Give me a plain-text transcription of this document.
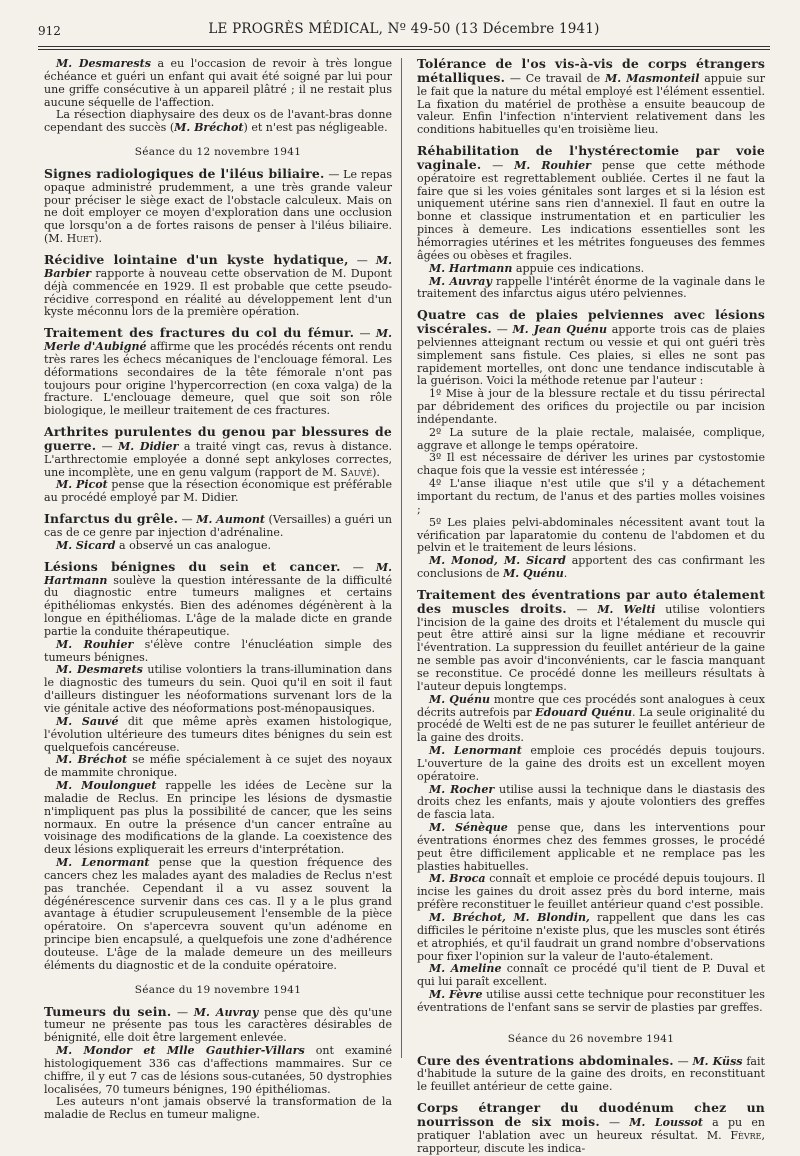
912	LE PROGRÈS MÉDICAL, Nº 49-50 (13 Décembre 1941)

M. Desmarests a eu l'occasion de revoir à très longue échéance et guéri un enfant qui avait été soigné par lui pour une griffe consécutive à un appareil plâtré ; il ne restait plus aucune séquelle de l'affection.

La résection diaphysaire des deux os de l'avant-bras donne cependant des succès (M. Bréchot) et n'est pas négligeable.

Séance du 12 novembre 1941

Signes radiologiques de l'iléus biliaire. — Le repas opaque administré prudemment, a une très grande valeur pour préciser le siège exact de l'obstacle calculeux. Mais on ne doit employer ce moyen d'exploration dans une occlusion que lorsqu'on a de fortes raisons de penser à l'iléus biliaire. (M. Huet).

Récidive lointaine d'un kyste hydatique, — M. Barbier rapporte à nouveau cette observation de M. Dupont déjà commencée en 1929. Il est probable que cette pseudo-récidive correspond en réalité au développement lent d'un kyste méconnu lors de la première opération.

Traitement des fractures du col du fémur. — M. Merle d'Aubigné affirme que les procédés récents ont rendu très rares les échecs mécaniques de l'enclouage fémoral. Les déformations secondaires de la tête fémorale n'ont pas toujours pour origine l'hypercorrection (en coxa valga) de la fracture. L'enclouage demeure, quel que soit son rôle biologique, le meilleur traitement de ces fractures.

Arthrites purulentes du genou par blessures de guerre. — M. Didier a traité vingt cas, revus à distance. L'arthrectomie employée a donné sept ankyloses correctes, une incomplète, une en genu valgum (rapport de M. Sauvé).

M. Picot pense que la résection économique est préférable au procédé employé par M. Didier.

Infarctus du grêle. — M. Aumont (Versailles) a guéri un cas de ce genre par injection d'adrénaline.

M. Sicard a observé un cas analogue.

Lésions bénignes du sein et cancer. — M. Hartmann soulève la question intéressante de la difficulté du diagnostic entre tumeurs malignes et certains épithéliomas enkystés. Bien des adénomes dégénèrent à la longue en épithéliomas. L'âge de la malade dicte en grande partie la conduite thérapeutique.

M. Rouhier s'élève contre l'énucléation simple des tumeurs bénignes.

M. Desmarets utilise volontiers la trans-illumination dans le diagnostic des tumeurs du sein. Quoi qu'il en soit il faut d'ailleurs distinguer les néoformations survenant lors de la vie génitale active des néoformations post-ménopausiques.

M. Sauvé dit que même après examen histologique, l'évolution ultérieure des tumeurs dites bénignes du sein est quelquefois cancéreuse.

M. Bréchot se méfie spécialement à ce sujet des noyaux de mammite chronique.

M. Moulonguet rappelle les idées de Lecène sur la maladie de Reclus. En principe les lésions de dysmastie n'impliquent pas plus la possibilité de cancer, que les seins normaux. En outre la présence d'un cancer entraîne au voisinage des modifications de la glande. La coexistence des deux lésions expliquerait les erreurs d'interprétation.

M. Lenormant pense que la question fréquence des cancers chez les malades ayant des maladies de Reclus n'est pas tranchée. Cependant il a vu assez souvent la dégénérescence survenir dans ces cas. Il y a le plus grand avantage à étudier scrupuleusement l'ensemble de la pièce opératoire. On s'apercevra souvent qu'un adénome en principe bien encapsulé, a quelquefois une zone d'adhérence douteuse. L'âge de la malade demeure un des meilleurs éléments du diagnostic et de la conduite opératoire.

Séance du 19 novembre 1941

Tumeurs du sein. — M. Auvray pense que dès qu'une tumeur ne présente pas tous les caractères désirables de bénignité, elle doit être largement enlevée.

M. Mondor et Mlle Gauthier-Villars ont examiné histologiquement 336 cas d'affections mammaires. Sur ce chiffre, il y eut 7 cas de lésions sous-cutanées, 50 dystrophies localisées, 70 tumeurs bénignes, 190 épithéliomas.

Les auteurs n'ont jamais observé la transformation de la maladie de Reclus en tumeur maligne.

Tolérance de l'os vis-à-vis de corps étrangers métalliques. — Ce travail de M. Masmonteil appuie sur le fait que la nature du métal employé est l'élément essentiel. La fixation du matériel de prothèse a ensuite beaucoup de valeur. Enfin l'infection n'intervient relativement dans les conditions habituelles qu'en troisième lieu.

Réhabilitation de l'hystérectomie par voie vaginale. — M. Rouhier pense que cette méthode opératoire est regrettablement oubliée. Certes il ne faut la faire que si les voies génitales sont larges et si la lésion est uniquement utérine sans rien d'annexiel. Il faut en outre la bonne et classique instrumentation et en particulier les pinces à demeure. Les indications essentielles sont les hémorragies utérines et les métrites fongueuses des femmes âgées ou obèses et fragiles.

M. Hartmann appuie ces indications.

M. Auvray rappelle l'intérêt énorme de la vaginale dans le traitement des infarctus aigus utéro pelviennes.

Quatre cas de plaies pelviennes avec lésions viscérales. — M. Jean Quénu apporte trois cas de plaies pelviennes atteignant rectum ou vessie et qui ont guéri très simplement sans fistule. Ces plaies, si elles ne sont pas rapidement mortelles, ont donc une tendance indiscutable à la guérison. Voici la méthode retenue par l'auteur :

1º Mise à jour de la blessure rectale et du tissu périrectal par débridement des orifices du projectile ou par incision indépendante.

2º La suture de la plaie rectale, malaisée, complique, aggrave et allonge le temps opératoire.

3º Il est nécessaire de dériver les urines par cystostomie chaque fois que la vessie est intéressée ;

4º L'anse iliaque n'est utile que s'il y a détachement important du rectum, de l'anus et des parties molles voisines ;

5º Les plaies pelvi-abdominales nécessitent avant tout la vérification par laparatomie du contenu de l'abdomen et du pelvin et le traitement de leurs lésions.

M. Monod, M. Sicard apportent des cas confirmant les conclusions de M. Quénu.

Traitement des éventrations par auto étalement des muscles droits. — M. Welti utilise volontiers l'incision de la gaine des droits et l'étalement du muscle qui peut être attiré ainsi sur la ligne médiane et recouvrir l'éventration. La suppression du feuillet antérieur de la gaine ne semble pas avoir d'inconvénients, car le fascia manquant se reconstitue. Ce procédé donne les meilleurs résultats à l'auteur depuis longtemps.

M. Quénu montre que ces procédés sont analogues à ceux décrits autrefois par Edouard Quénu. La seule originalité du procédé de Welti est de ne pas suturer le feuillet antérieur de la gaine des droits.

M. Lenormant emploie ces procédés depuis toujours. L'ouverture de la gaine des droits est un excellent moyen opératoire.

M. Rocher utilise aussi la technique dans le diastasis des droits chez les enfants, mais y ajoute volontiers des greffes de fascia lata.

M. Sénèque pense que, dans les interventions pour éventrations énormes chez des femmes grosses, le procédé peut être difficilement applicable et ne remplace pas les plasties habituelles.

M. Broca connaît et emploie ce procédé depuis toujours. Il incise les gaines du droit assez près du bord interne, mais préfère reconstituer le feuillet antérieur quand c'est possible.

M. Bréchot, M. Blondin, rappellent que dans les cas difficiles le péritoine n'existe plus, que les muscles sont étirés et atrophiés, et qu'il faudrait un grand nombre d'observations pour fixer l'opinion sur la valeur de l'auto-étalement.

M. Ameline connaît ce procédé qu'il tient de P. Duval et qui lui paraît excellent.

M. Fèvre utilise aussi cette technique pour reconstituer les éventrations de l'enfant sans se servir de plasties par greffes.

Séance du 26 novembre 1941

Cure des éventrations abdominales. — M. Küss fait d'habitude la suture de la gaine des droits, en reconstituant le feuillet antérieur de cette gaine.

Corps étranger du duodénum chez un nourrisson de six mois. — M. Loussot a pu en pratiquer l'ablation avec un heureux résultat. M. Fèvre, rapporteur, discute les indica-
